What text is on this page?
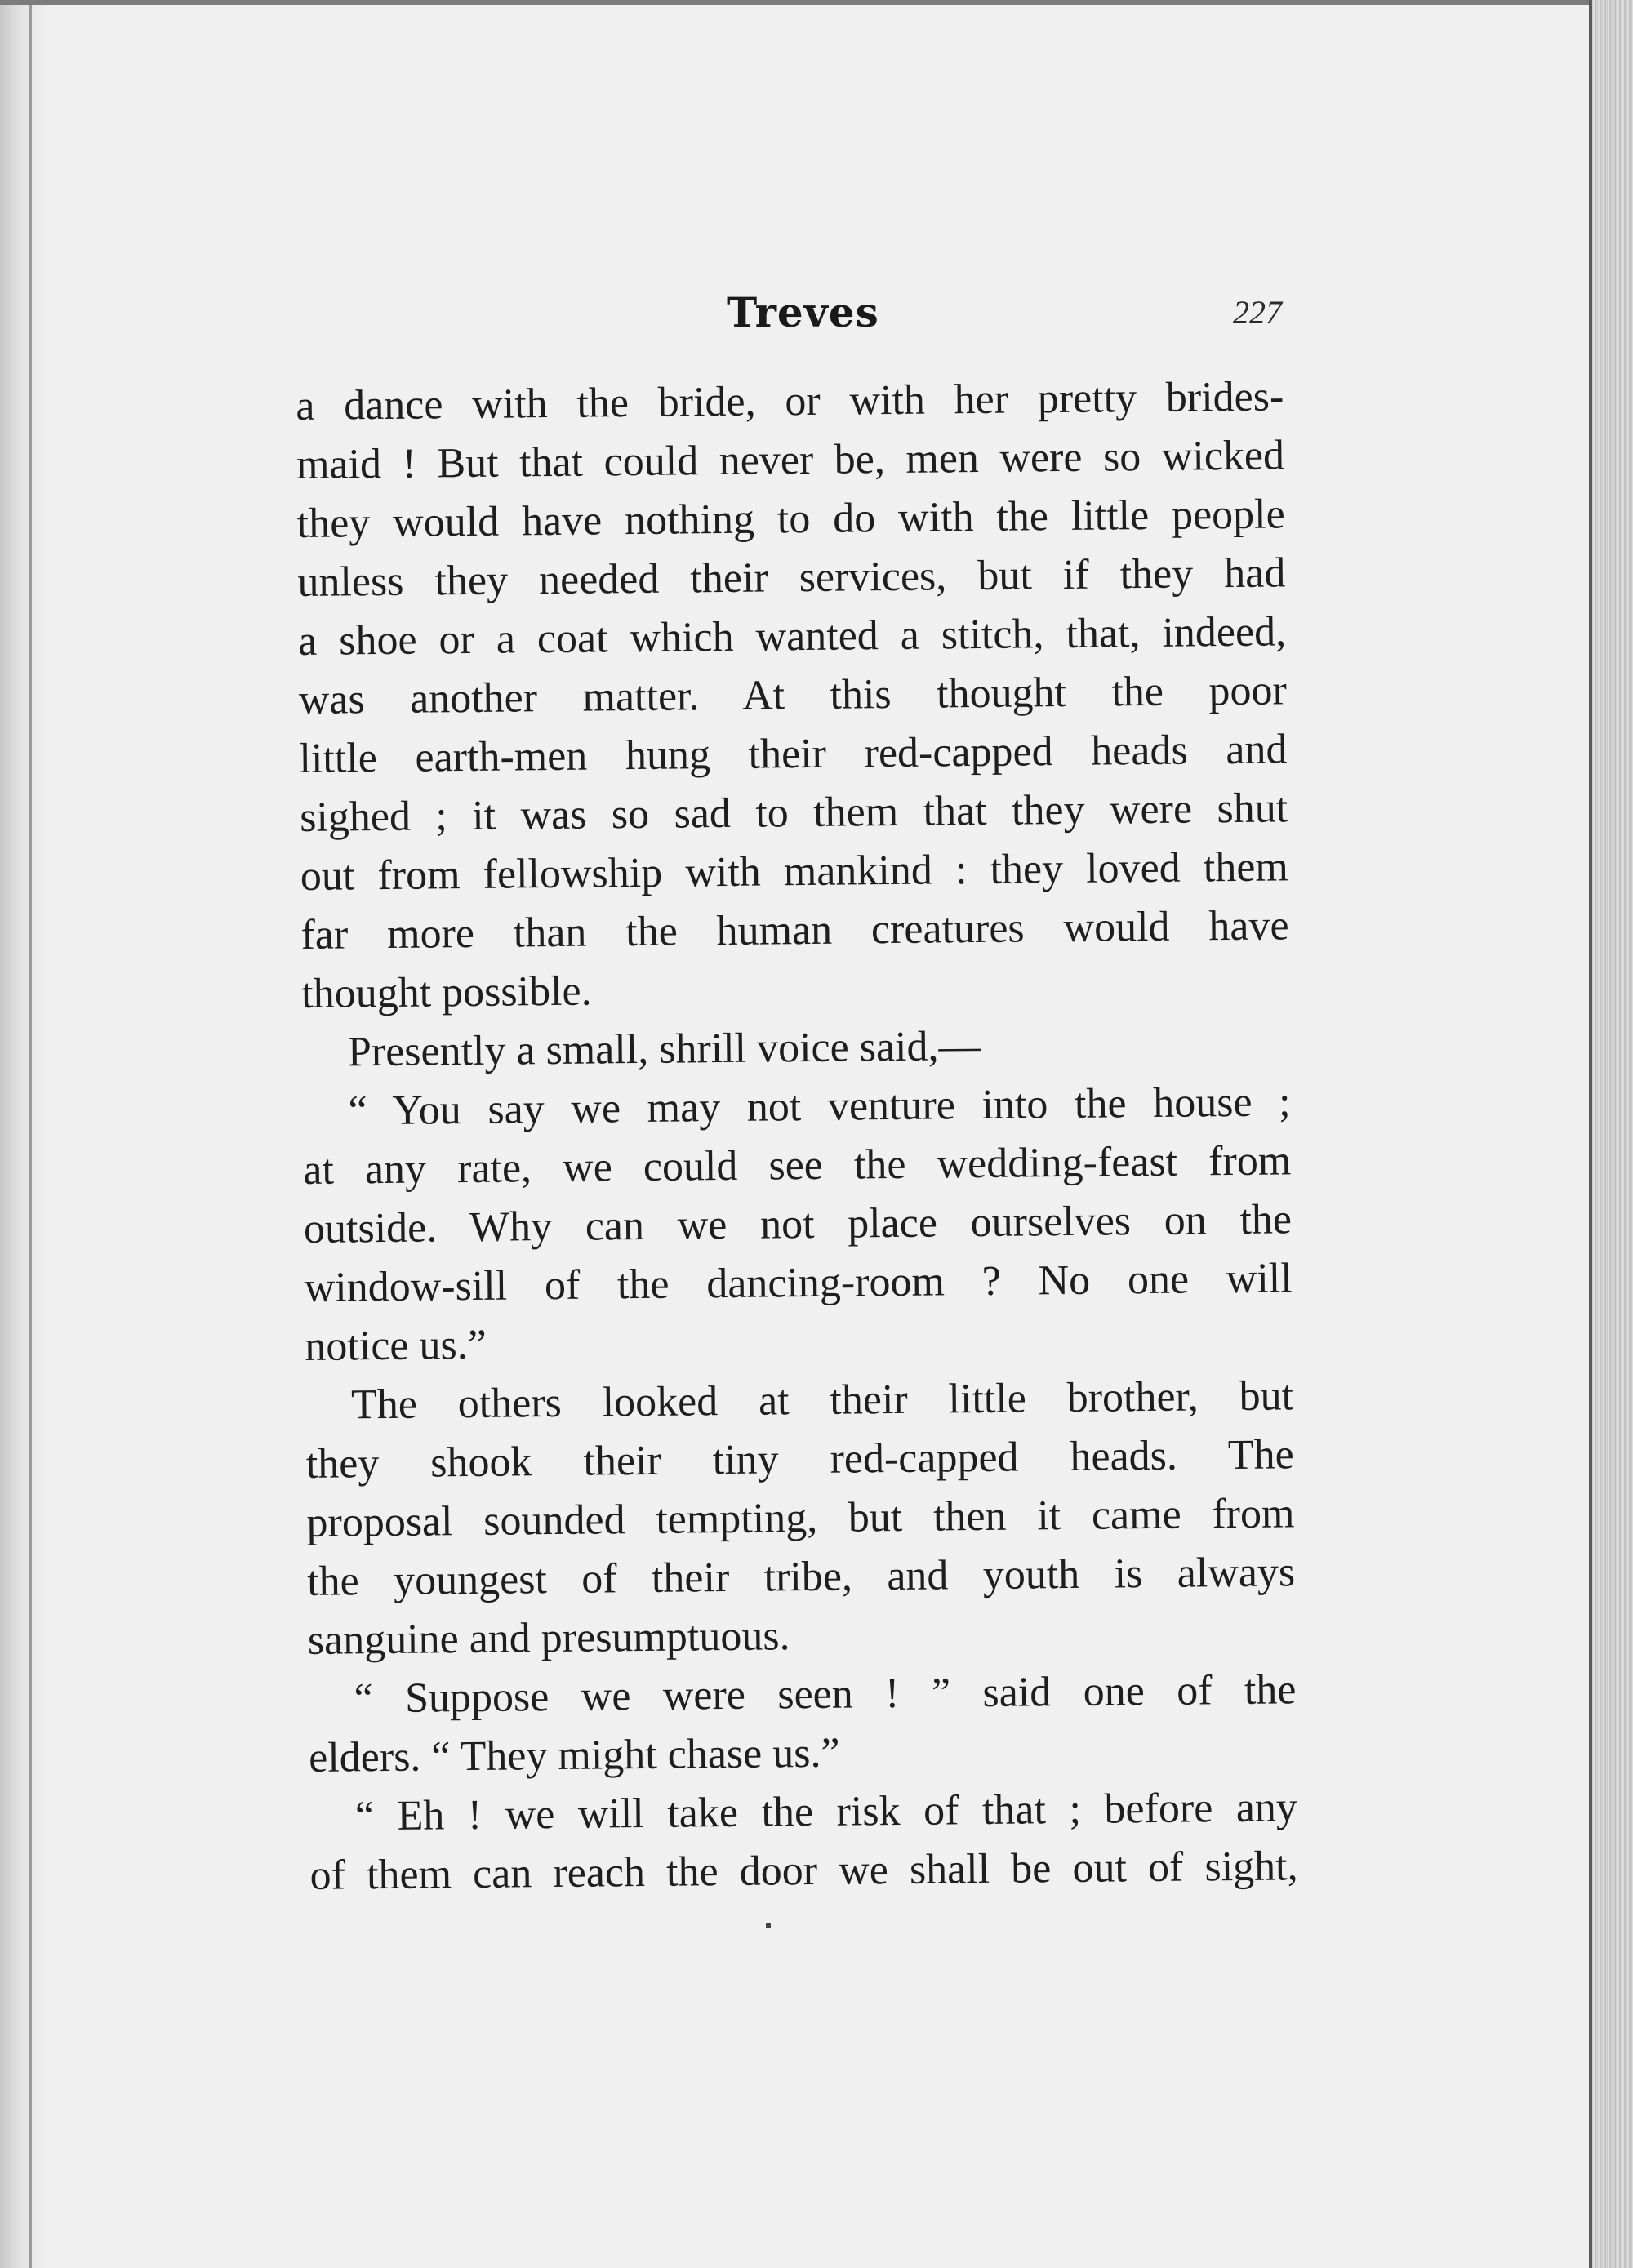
Treves	227
a dance with the bride, or with her pretty brides-
maid ! But that could never be, men were so wicked
they would have nothing to do with the little people
unless they needed their services, but if they had
a shoe or a coat which wanted a stitch, that, indeed,
was another matter. At this thought the poor
little earth-men hung their red-capped heads and
sighed ; it was so sad to them that they were shut
out from fellowship with mankind : they loved them
far more than the human creatures would have
thought possible.
Presently a small, shrill voice said,—
“ You say we may not venture into the house ;
at any rate, we could see the wedding-feast from
outside. Why can we not place ourselves on the
window-sill of the dancing-room ? No one will
notice us.”
The others looked at their little brother, but
they shook their tiny red-capped heads. The
proposal sounded tempting, but then it came from
the youngest of their tribe, and youth is always
sanguine and presumptuous.
“ Suppose we were seen ! ” said one of the
elders. “ They might chase us.”
“ Eh ! we will take the risk of that ; before any
of them can reach the door we shall be out of sight,
